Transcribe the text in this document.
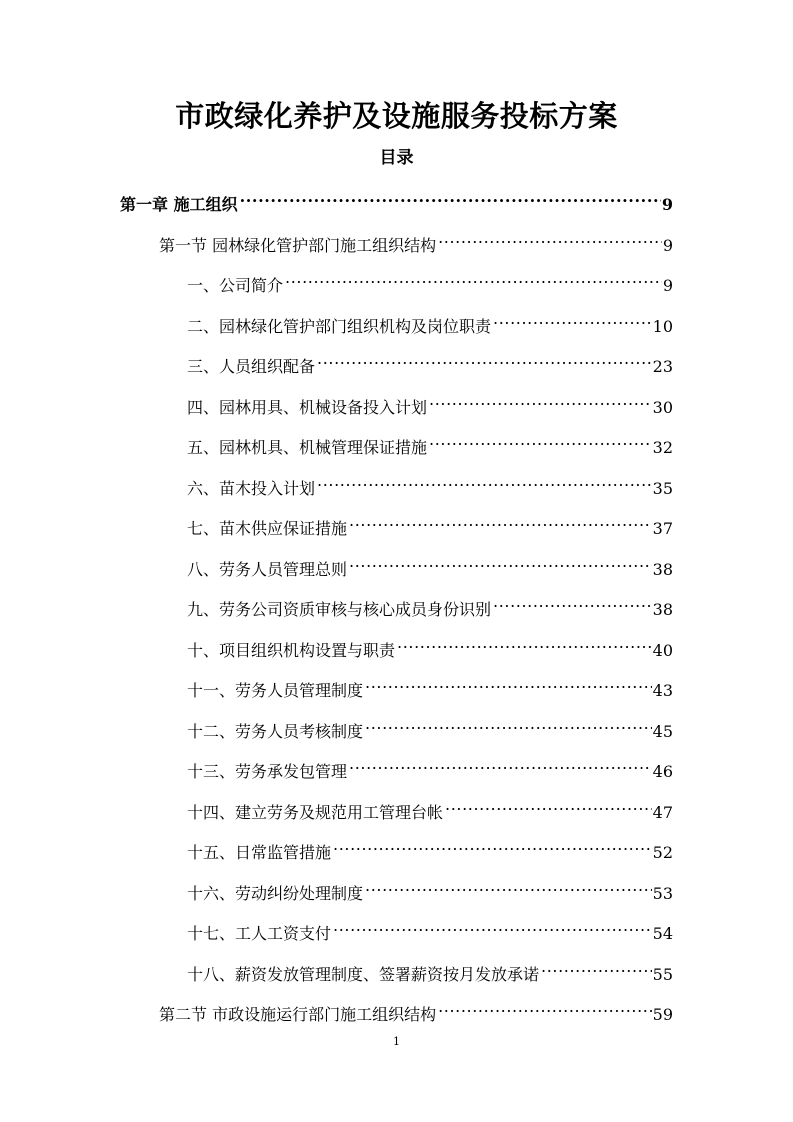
市政绿化养护及设施服务投标方案
目录
第一章 施工组织 .....	9
第一节 园林绿化管护部门施工组织结构 .....	9
一、公司简介 .....	9
二、园林绿化管护部门组织机构及岗位职责 .....	10
三、人员组织配备 .....	23
四、园林用具、机械设备投入计划 .....	30
五、园林机具、机械管理保证措施 .....	32
六、苗木投入计划 .....	35
七、苗木供应保证措施 .....	37
八、劳务人员管理总则 .....	38
九、劳务公司资质审核与核心成员身份识别 .....	38
十、项目组织机构设置与职责 .....	40
十一、劳务人员管理制度 .....	43
十二、劳务人员考核制度 .....	45
十三、劳务承发包管理 .....	46
十四、建立劳务及规范用工管理台帐 .....	47
十五、日常监管措施 .....	52
十六、劳动纠纷处理制度 .....	53
十七、工人工资支付 .....	54
十八、薪资发放管理制度、签署薪资按月发放承诺 .....	55
第二节 市政设施运行部门施工组织结构 .....	59
1
